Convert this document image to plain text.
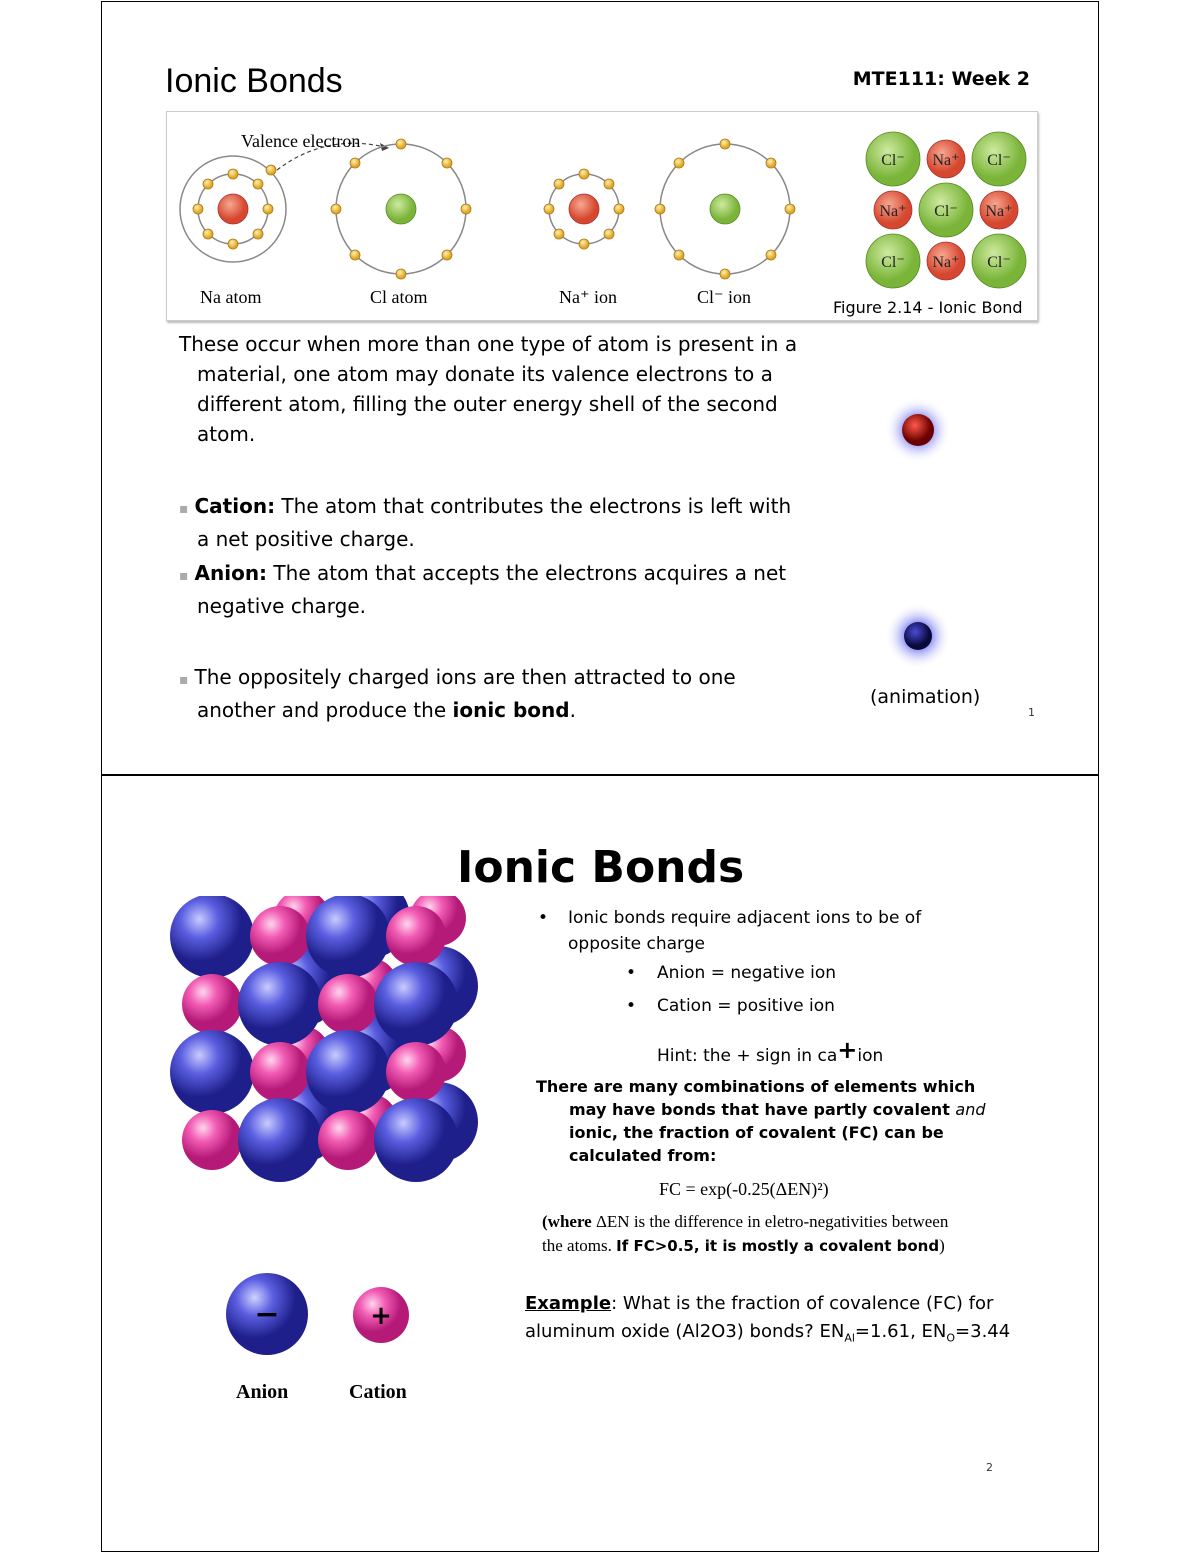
Ionic Bonds	MTE111: Week 2
Valence electron
Na atom	Cl atom	Na⁺ ion	Cl⁻ ion
Cl⁻ Na⁺ Cl⁻
Na⁺ Cl⁻ Na⁺
Cl⁻ Na⁺ Cl⁻
Figure 2.14 - Ionic Bond
These occur when more than one type of atom is present in a material, one atom may donate its valence electrons to a different atom, filling the outer energy shell of the second atom.
▪ Cation: The atom that contributes the electrons is left with a net positive charge.
▪ Anion: The atom that accepts the electrons acquires a net negative charge.
▪ The oppositely charged ions are then attracted to one another and produce the ionic bond.
(animation)
1
Ionic Bonds
•	Ionic bonds require adjacent ions to be of opposite charge
• Anion = negative ion
• Cation = positive ion
Hint: the + sign in ca+ion
There are many combinations of elements which
may have bonds that have partly covalent and
ionic, the fraction of covalent (FC) can be
calculated from:
FC = exp(-0.25(ΔEN)²)
(where ΔEN is the difference in eletro-negativities between
the atoms. If FC>0.5, it is mostly a covalent bond)
Example: What is the fraction of covalence (FC) for
aluminum oxide (Al2O3) bonds? $EN_{Al}=1.61$, $EN_O=3.44$
−	+
Anion	Cation
2
